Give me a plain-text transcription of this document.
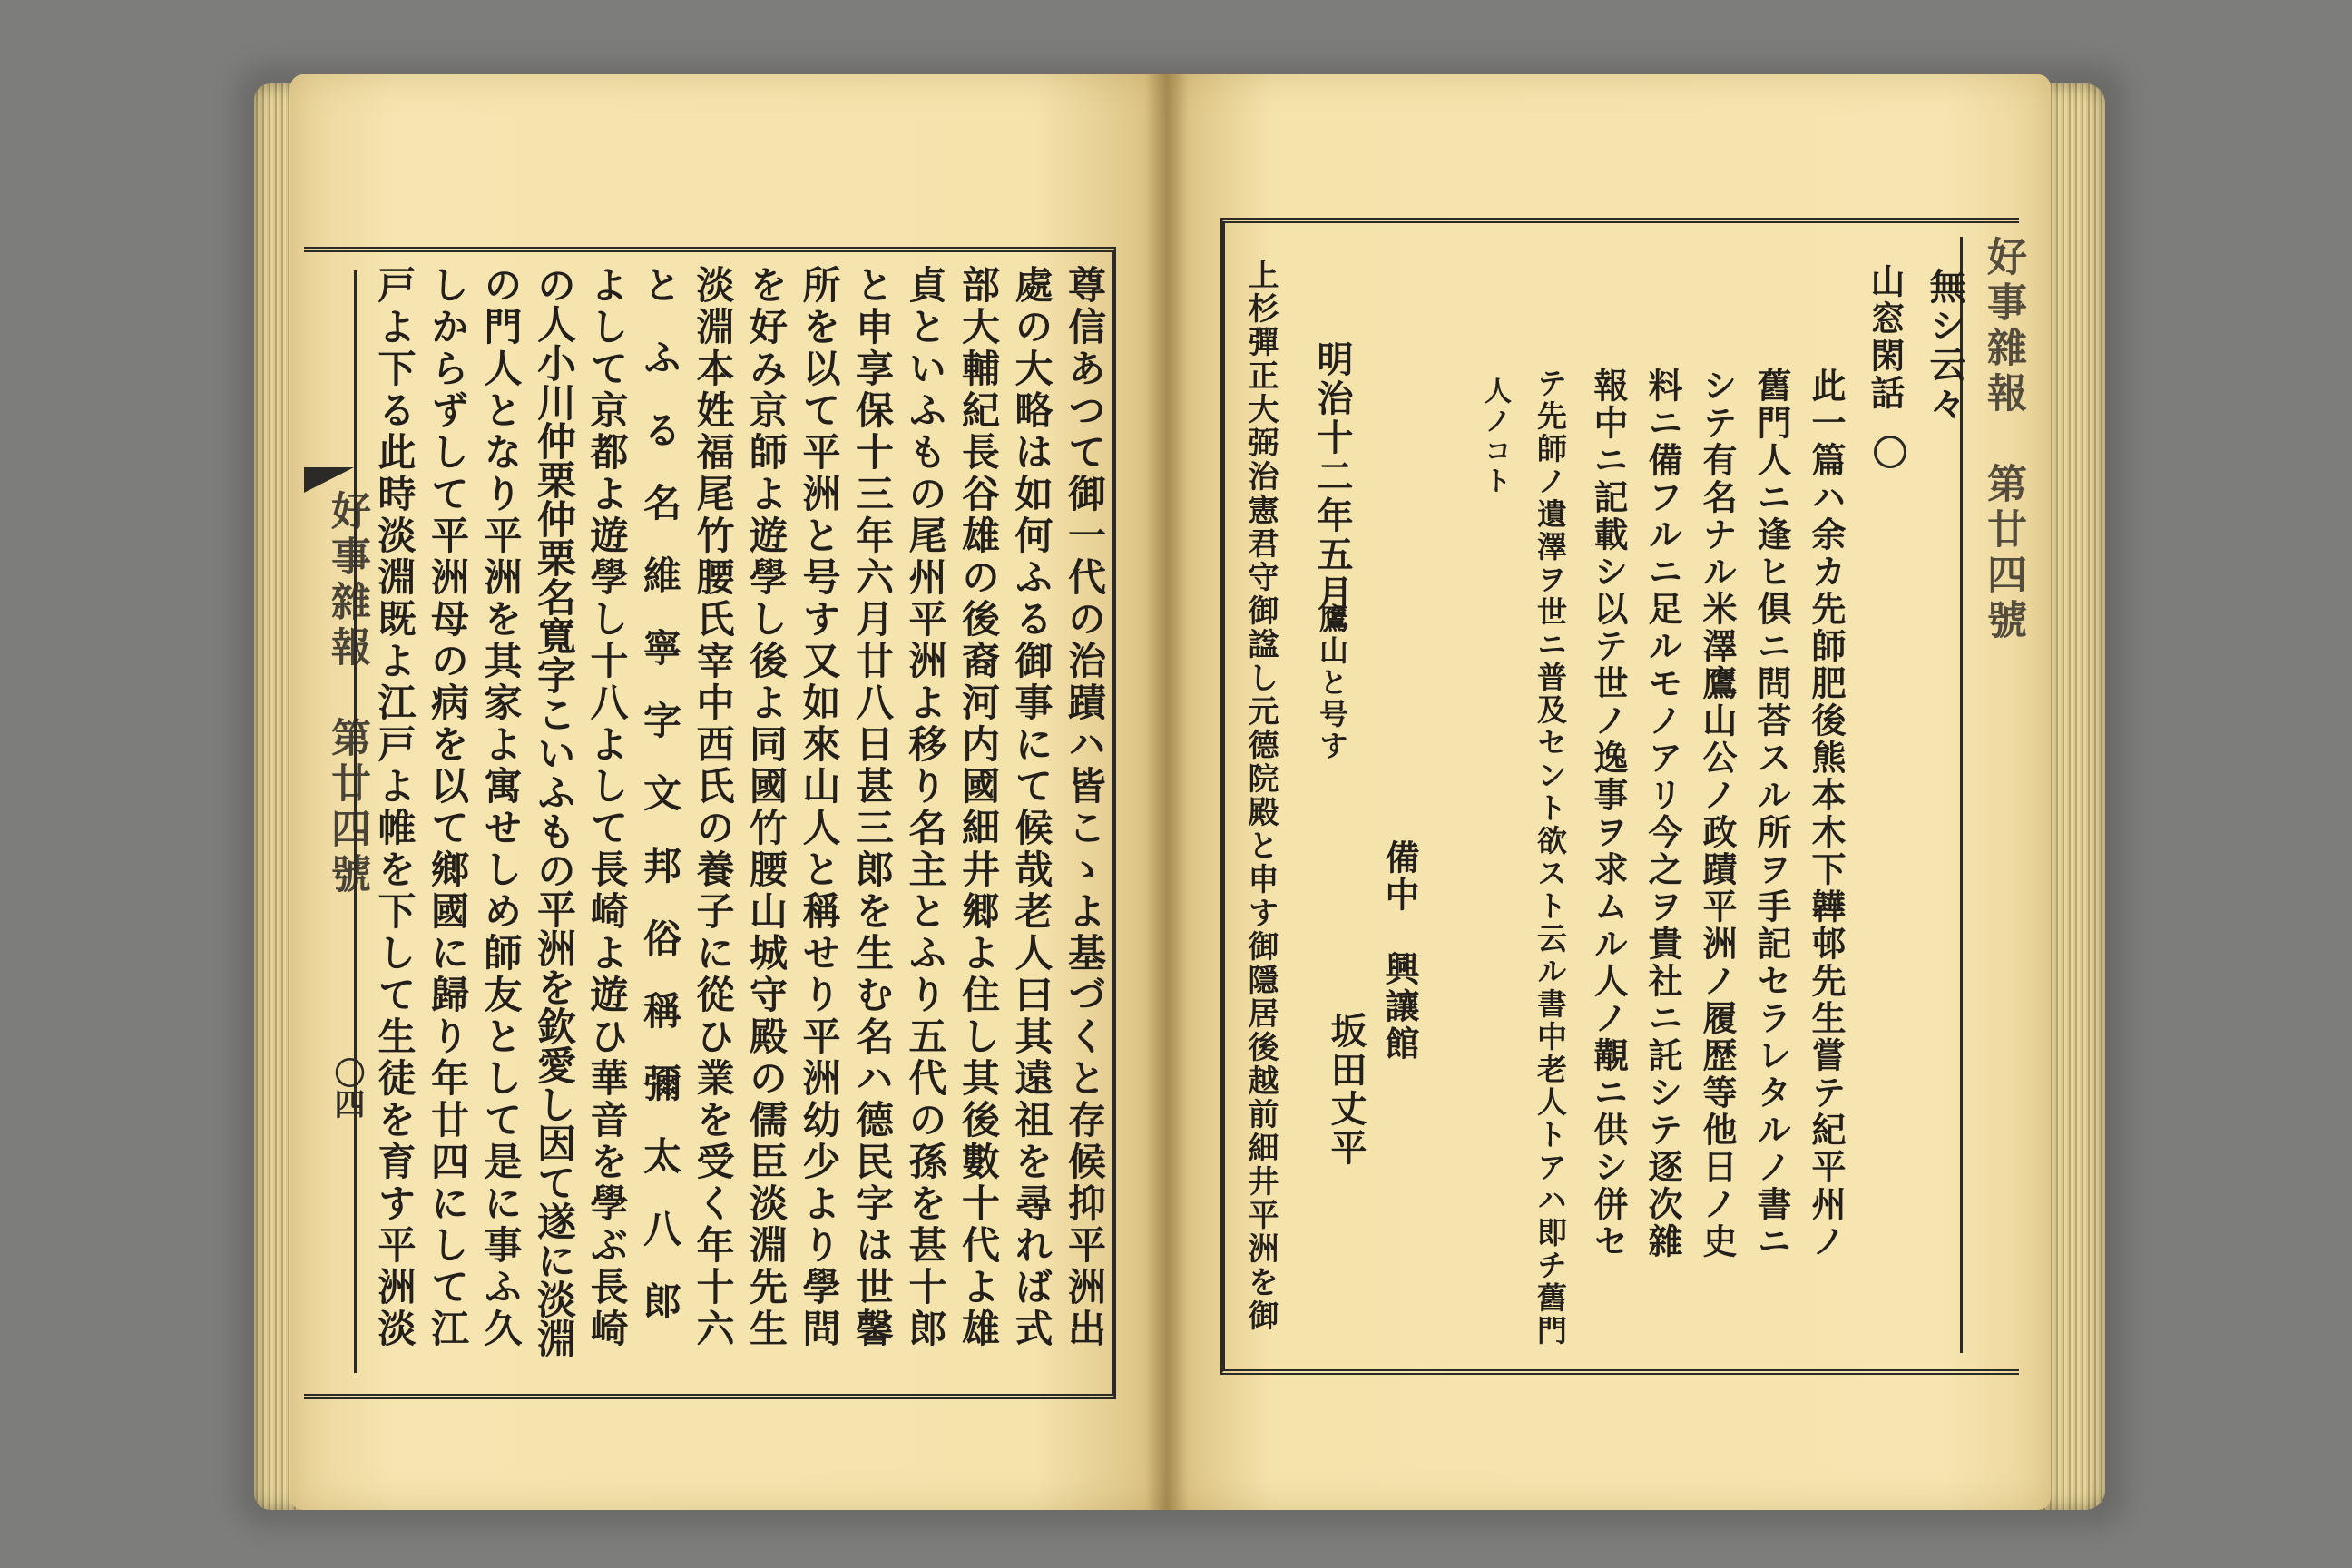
好事雜報　第廿四號
〇四	尊信あつて御一代の治蹟ハ皆こゝよ基づくと存候抑平洲出
處の大略は如何ふる御事にて候哉老人曰其遠祖を尋れば式
部大輔紀長谷雄の後裔河内國細井郷よ住し其後數十代よ雄
貞といふもの尾州平洲よ移り名主とふり五代の孫を甚十郎
と申享保十三年六月廿八日甚三郎を生む名ハ德民字は世馨
所を以て平洲と号す又如來山人と稱せり平洲幼少より學問
を好み京師よ遊學し後よ同國竹腰山城守殿の儒臣淡淵先生
淡淵本姓福尾竹腰氏宰中西氏の養子に從ひ業を受く年十六
とふる名維寧字文邦俗稱彌太八郎
よして京都よ遊學し十八よして長崎よ遊ひ華音を學ぶ長崎
の人小川仲栗仲栗名寬字こいふもの平洲を欽愛し因て遂に淡淵
の門人となり平洲を其家よ寓せしめ師友として是に事ふ久
しからずして平洲母の病を以て鄉國に歸り年廿四にして江
戸よ下る此時淡淵既よ江戸よ帷を下して生徒を育す平洲淡	好事雜報　第廿四號
無シ云々
山窓閑話
此一篇ハ余カ先師肥後熊本木下韡邨先生嘗テ紀平州ノ
舊門人ニ逢ヒ倶ニ問荅スル所ヲ手記セラレタルノ書ニ
シテ有名ナル米澤鷹山公ノ政蹟平洲ノ履歴等他日ノ史
料ニ備フルニ足ルモノアリ今之ヲ貴社ニ託シテ逐次雜
報中ニ記載シ以テ世ノ逸事ヲ求ムル人ノ覯ニ供シ併セ
テ先師ノ遺澤ヲ世ニ普及セント欲スト云ル書中老人トアハ即チ舊門
人ノコト
備中　興讓館
坂田丈平
明治十二年五月
上杉彈正大弼治憲君守御諡し元德院殿と申す御隱居後越前細井平洲を御 鷹山と号す
